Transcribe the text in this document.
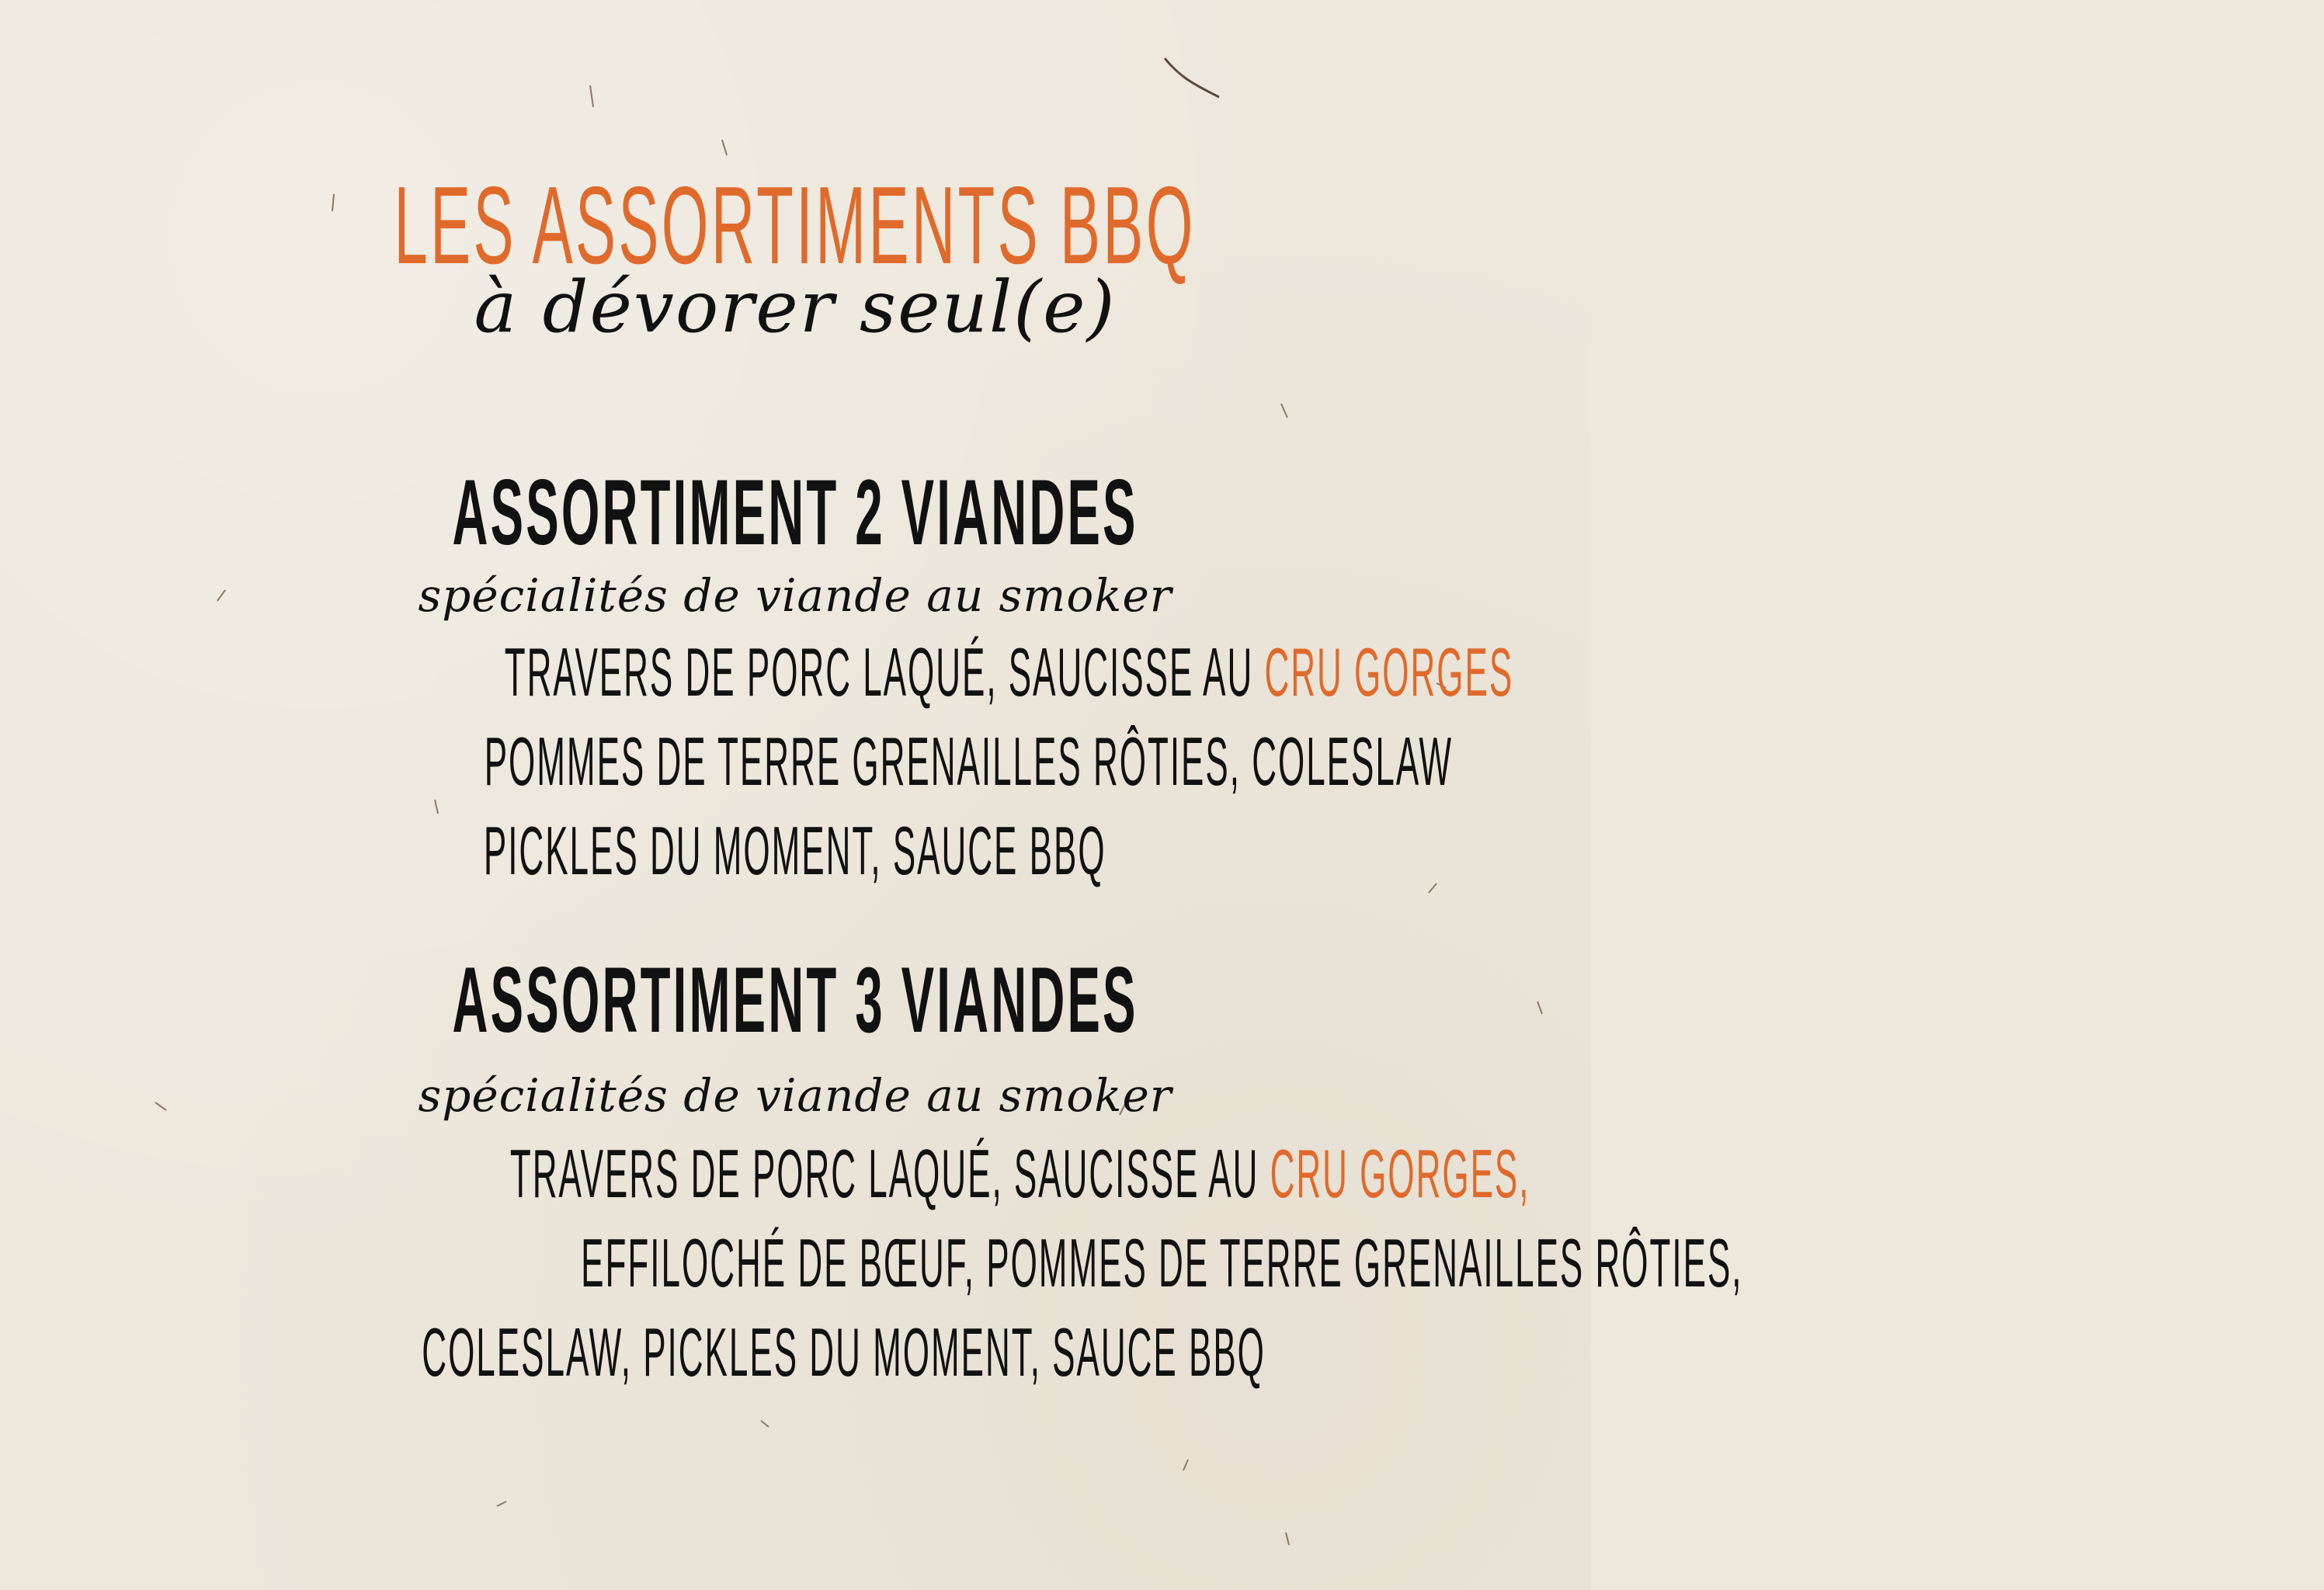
LES ASSORTIMENTS BBQ

à dévorer seul(e)

ASSORTIMENT 2 VIANDES

spécialités de viande au smoker

TRAVERS DE PORC LAQUÉ, SAUCISSE AU CRU GORGES

POMMES DE TERRE GRENAILLES RÔTIES, COLESLAW

PICKLES DU MOMENT, SAUCE BBQ

ASSORTIMENT 3 VIANDES

spécialités de viande au smoker

TRAVERS DE PORC LAQUÉ, SAUCISSE AU CRU GORGES,

EFFILOCHÉ DE BŒUF, POMMES DE TERRE GRENAILLES RÔTIES,

COLESLAW, PICKLES DU MOMENT, SAUCE BBQ
